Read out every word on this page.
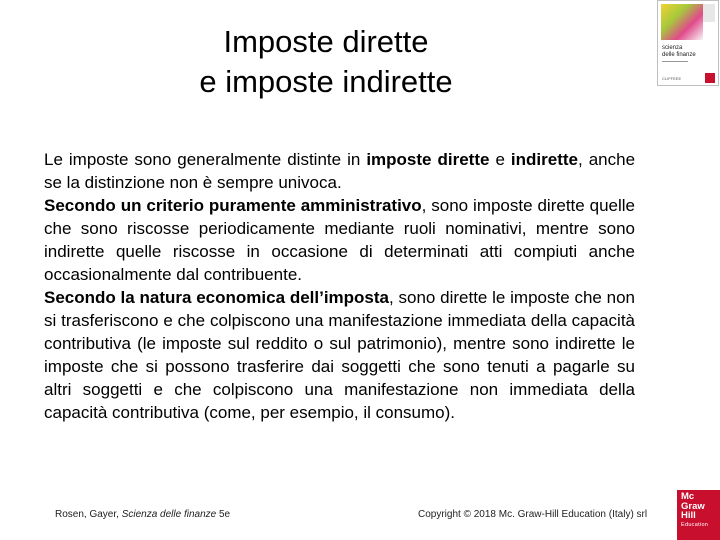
Imposte dirette
e imposte indirette
scienza
delle finanze
CLIFFEEE

Le imposte sono generalmente distinte in imposte dirette e indirette, anche se la distinzione non è sempre univoca.

Secondo un criterio puramente amministrativo, sono imposte dirette quelle che sono riscosse periodicamente mediante ruoli nominativi, mentre sono indirette quelle riscosse in occasione di determinati atti compiuti anche occasionalmente dal contribuente.

Secondo la natura economica dell’imposta, sono dirette le imposte che non si trasferiscono e che colpiscono una manifestazione immediata della capacità contributiva (le imposte sul reddito o sul patrimonio), mentre sono indirette le imposte che si possono trasferire dai soggetti che sono tenuti a pagarle su altri soggetti e che colpiscono una manifestazione non immediata della capacità contributiva (come, per esempio, il consumo).

Rosen, Gayer, Scienza delle finanze 5e	Copyright © 2018 Mc. Graw-Hill Education (Italy) srl
Mc
Graw
Hill
Education
